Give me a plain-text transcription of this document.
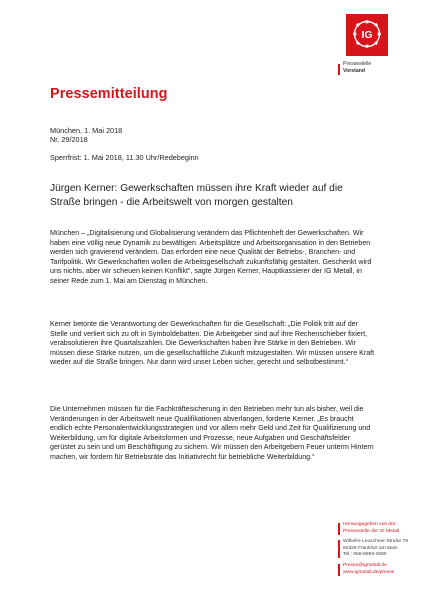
IG
Pressestelle
Vorstand
Pressemitteilung
München, 1. Mai 2018
Nr. 29/2018
Sperrfrist: 1. Mai 2018, 11.30 Uhr/Redebeginn
Jürgen Kerner: Gewerkschaften müssen ihre Kraft wieder auf die Straße bringen - die Arbeitswelt von morgen gestalten
München – „Digitalisierung und Globalisierung verändern das Pflichtenheft der Gewerkschaften. Wir haben eine völlig neue Dynamik zu bewältigen. Arbeitsplätze und Arbeitsorganisation in den Betrieben werden sich gravierend verändern. Das erfordert eine neue Qualität der Betriebs-, Branchen- und Tarifpolitik. Wir Gewerkschaften wollen die Arbeitsgesellschaft zukunftsfähig gestalten. Geschenkt wird uns nichts, aber wir scheuen keinen Konflikt“, sagte Jürgen Kerner, Hauptkassierer der IG Metall, in seiner Rede zum 1. Mai am Dienstag in München.
Kerner betonte die Verantwortung der Gewerkschaften für die Gesellschaft: „Die Politik tritt auf der Stelle und verliert sich zu oft in Symboldebatten. Die Arbeitgeber sind auf ihre Rechenschieber fixiert, verabsolutieren ihre Quartalszahlen. Die Gewerkschaften haben ihre Stärke in den Betrieben. Wir müssen diese Stärke nutzen, um die gesellschaftliche Zukunft mitzugestalten. Wir müssen unsere Kraft wieder auf die Straße bringen. Nur dann wird unser Leben sicher, gerecht und selbstbestimmt.“
Die Unternehmen müssen für die Fachkräftesicherung in den Betrieben mehr tun als bisher, weil die Veränderungen in der Arbeitswelt neue Qualifikationen abverlangen, forderte Kerner. „Es braucht endlich echte Personalentwicklungsstrategien und vor allem mehr Geld und Zeit für Qualifizierung und Weiterbildung, um für digitale Arbeitsformen und Prozesse, neue Aufgaben und Geschäftsfelder gerüstet zu sein und um Beschäftigung zu sichern. Wir müssen den Arbeitgebern Feuer unterm Hintern machen, wir fordern für Betriebsräte das Initiativrecht für betriebliche Weiterbildung.“
Herausgegeben von der
Pressestelle der IG Metall
Wilhelm-Leuschner-Straße 79
60329 Frankfurt am Main
Tel.: 069-6693-2690
Presse@igmetall.de
www.igmetall.de/presse
